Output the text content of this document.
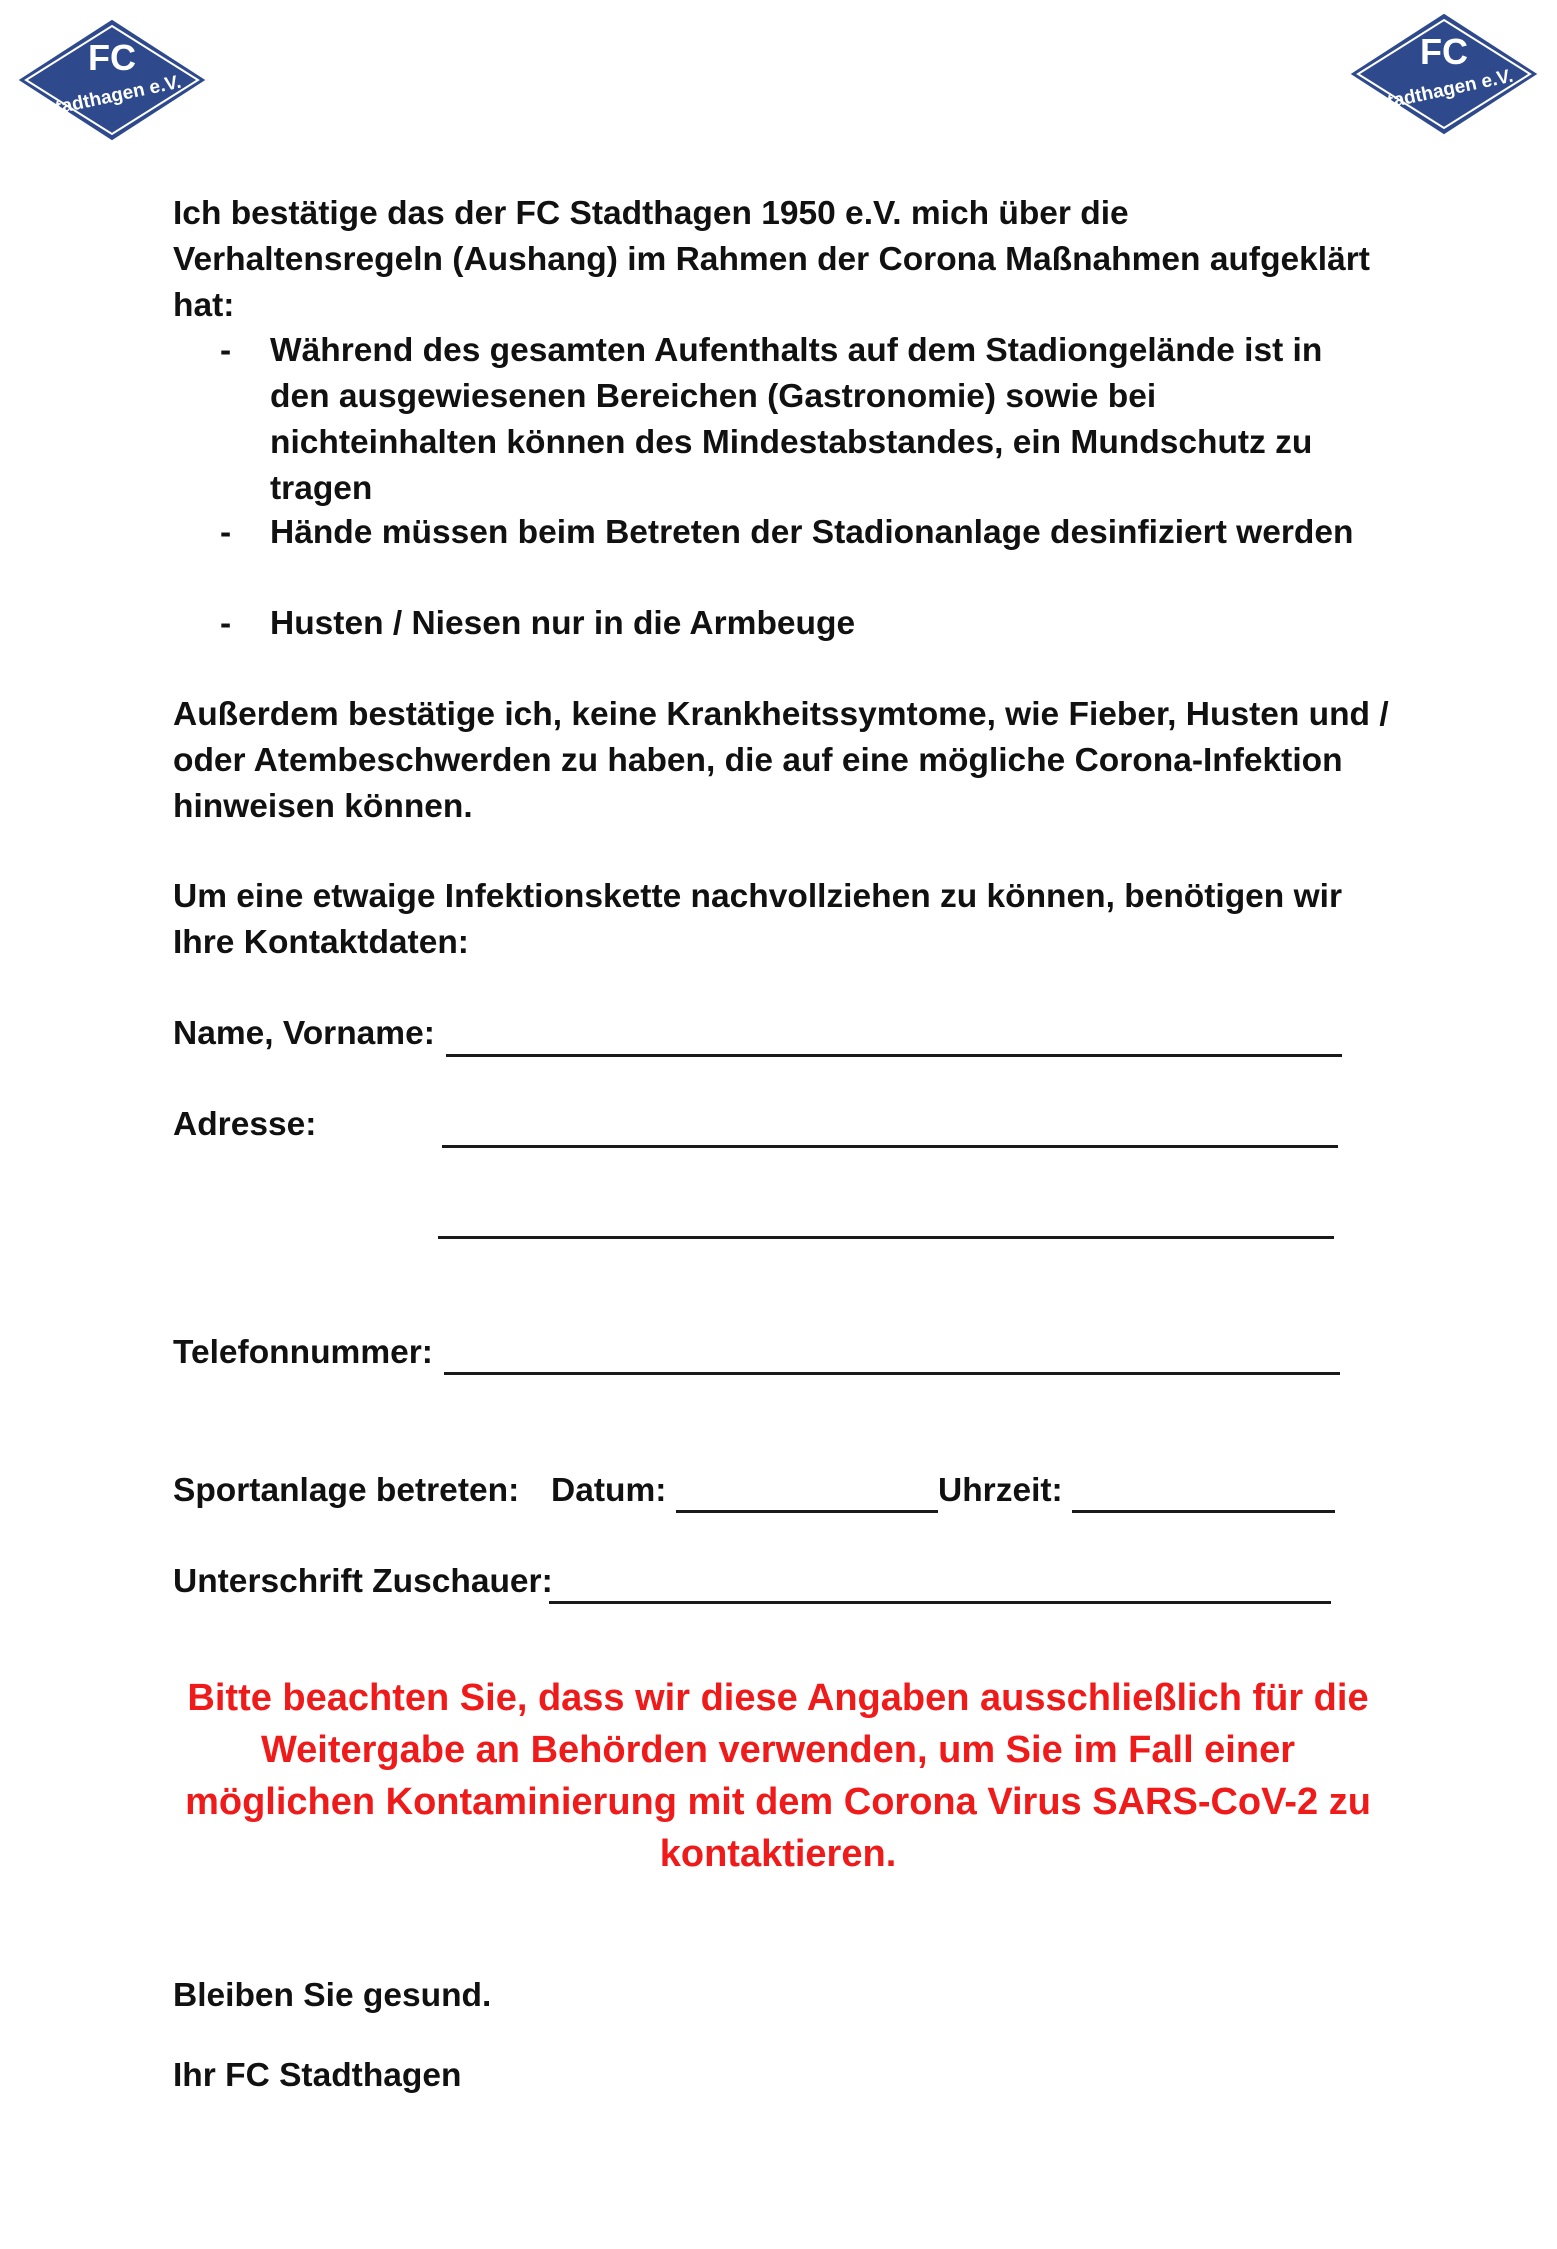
FC
Stadthagen e.V.
FC
Stadthagen e.V.
Ich bestätige das der FC Stadthagen 1950 e.V. mich über die Verhaltensregeln (Aushang) im Rahmen der Corona Maßnahmen aufgeklärt hat:
- Während des gesamten Aufenthalts auf dem Stadiongelände ist in den ausgewiesenen Bereichen (Gastronomie) sowie bei nichteinhalten können des Mindestabstandes, ein Mundschutz zu tragen
- Hände müssen beim Betreten der Stadionanlage desinfiziert werden
- Husten / Niesen nur in die Armbeuge
Außerdem bestätige ich, keine Krankheitssymtome, wie Fieber, Husten und / oder Atembeschwerden zu haben, die auf eine mögliche Corona-Infektion hinweisen können.
Um eine etwaige Infektionskette nachvollziehen zu können, benötigen wir Ihre Kontaktdaten:
Name, Vorname:
Adresse:
Telefonnummer:
Sportanlage betreten: Datum:	Uhrzeit:
Unterschrift Zuschauer:
Bitte beachten Sie, dass wir diese Angaben ausschließlich für die Weitergabe an Behörden verwenden, um Sie im Fall einer möglichen Kontaminierung mit dem Corona Virus SARS-CoV-2 zu kontaktieren.
Bleiben Sie gesund.
Ihr FC Stadthagen
